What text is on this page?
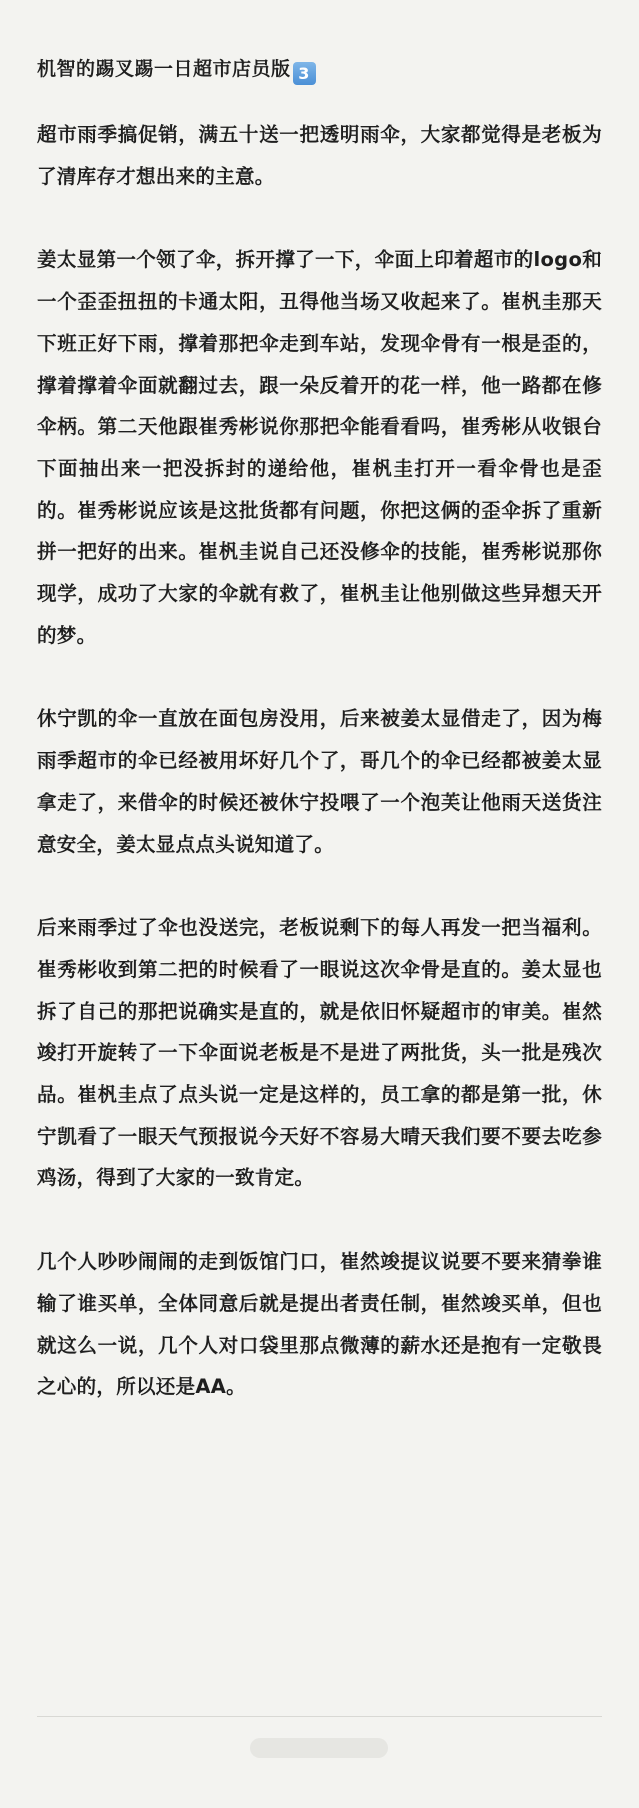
机智的踢叉踢一日超市店员版 3

超市雨季搞促销，满五十送一把透明雨伞，大家都觉得是老板为了清库存才想出来的主意。

姜太显第一个领了伞，拆开撑了一下，伞面上印着超市的logo和一个歪歪扭扭的卡通太阳，丑得他当场又收起来了。崔杋圭那天下班正好下雨，撑着那把伞走到车站，发现伞骨有一根是歪的，撑着撑着伞面就翻过去，跟一朵反着开的花一样，他一路都在修伞柄。第二天他跟崔秀彬说你那把伞能看看吗，崔秀彬从收银台下面抽出来一把没拆封的递给他，崔杋圭打开一看伞骨也是歪的。崔秀彬说应该是这批货都有问题，你把这俩的歪伞拆了重新拼一把好的出来。崔杋圭说自己还没修伞的技能，崔秀彬说那你现学，成功了大家的伞就有救了，崔杋圭让他别做这些异想天开的梦。

休宁凯的伞一直放在面包房没用，后来被姜太显借走了，因为梅雨季超市的伞已经被用坏好几个了，哥几个的伞已经都被姜太显拿走了，来借伞的时候还被休宁投喂了一个泡芙让他雨天送货注意安全，姜太显点点头说知道了。

后来雨季过了伞也没送完，老板说剩下的每人再发一把当福利。崔秀彬收到第二把的时候看了一眼说这次伞骨是直的。姜太显也拆了自己的那把说确实是直的，就是依旧怀疑超市的审美。崔然竣打开旋转了一下伞面说老板是不是进了两批货，头一批是残次品。崔杋圭点了点头说一定是这样的，员工拿的都是第一批，休宁凯看了一眼天气预报说今天好不容易大晴天我们要不要去吃参鸡汤，得到了大家的一致肯定。

几个人吵吵闹闹的走到饭馆门口，崔然竣提议说要不要来猜拳谁输了谁买单，全体同意后就是提出者责任制，崔然竣买单，但也就这么一说，几个人对口袋里那点微薄的薪水还是抱有一定敬畏之心的，所以还是AA。
